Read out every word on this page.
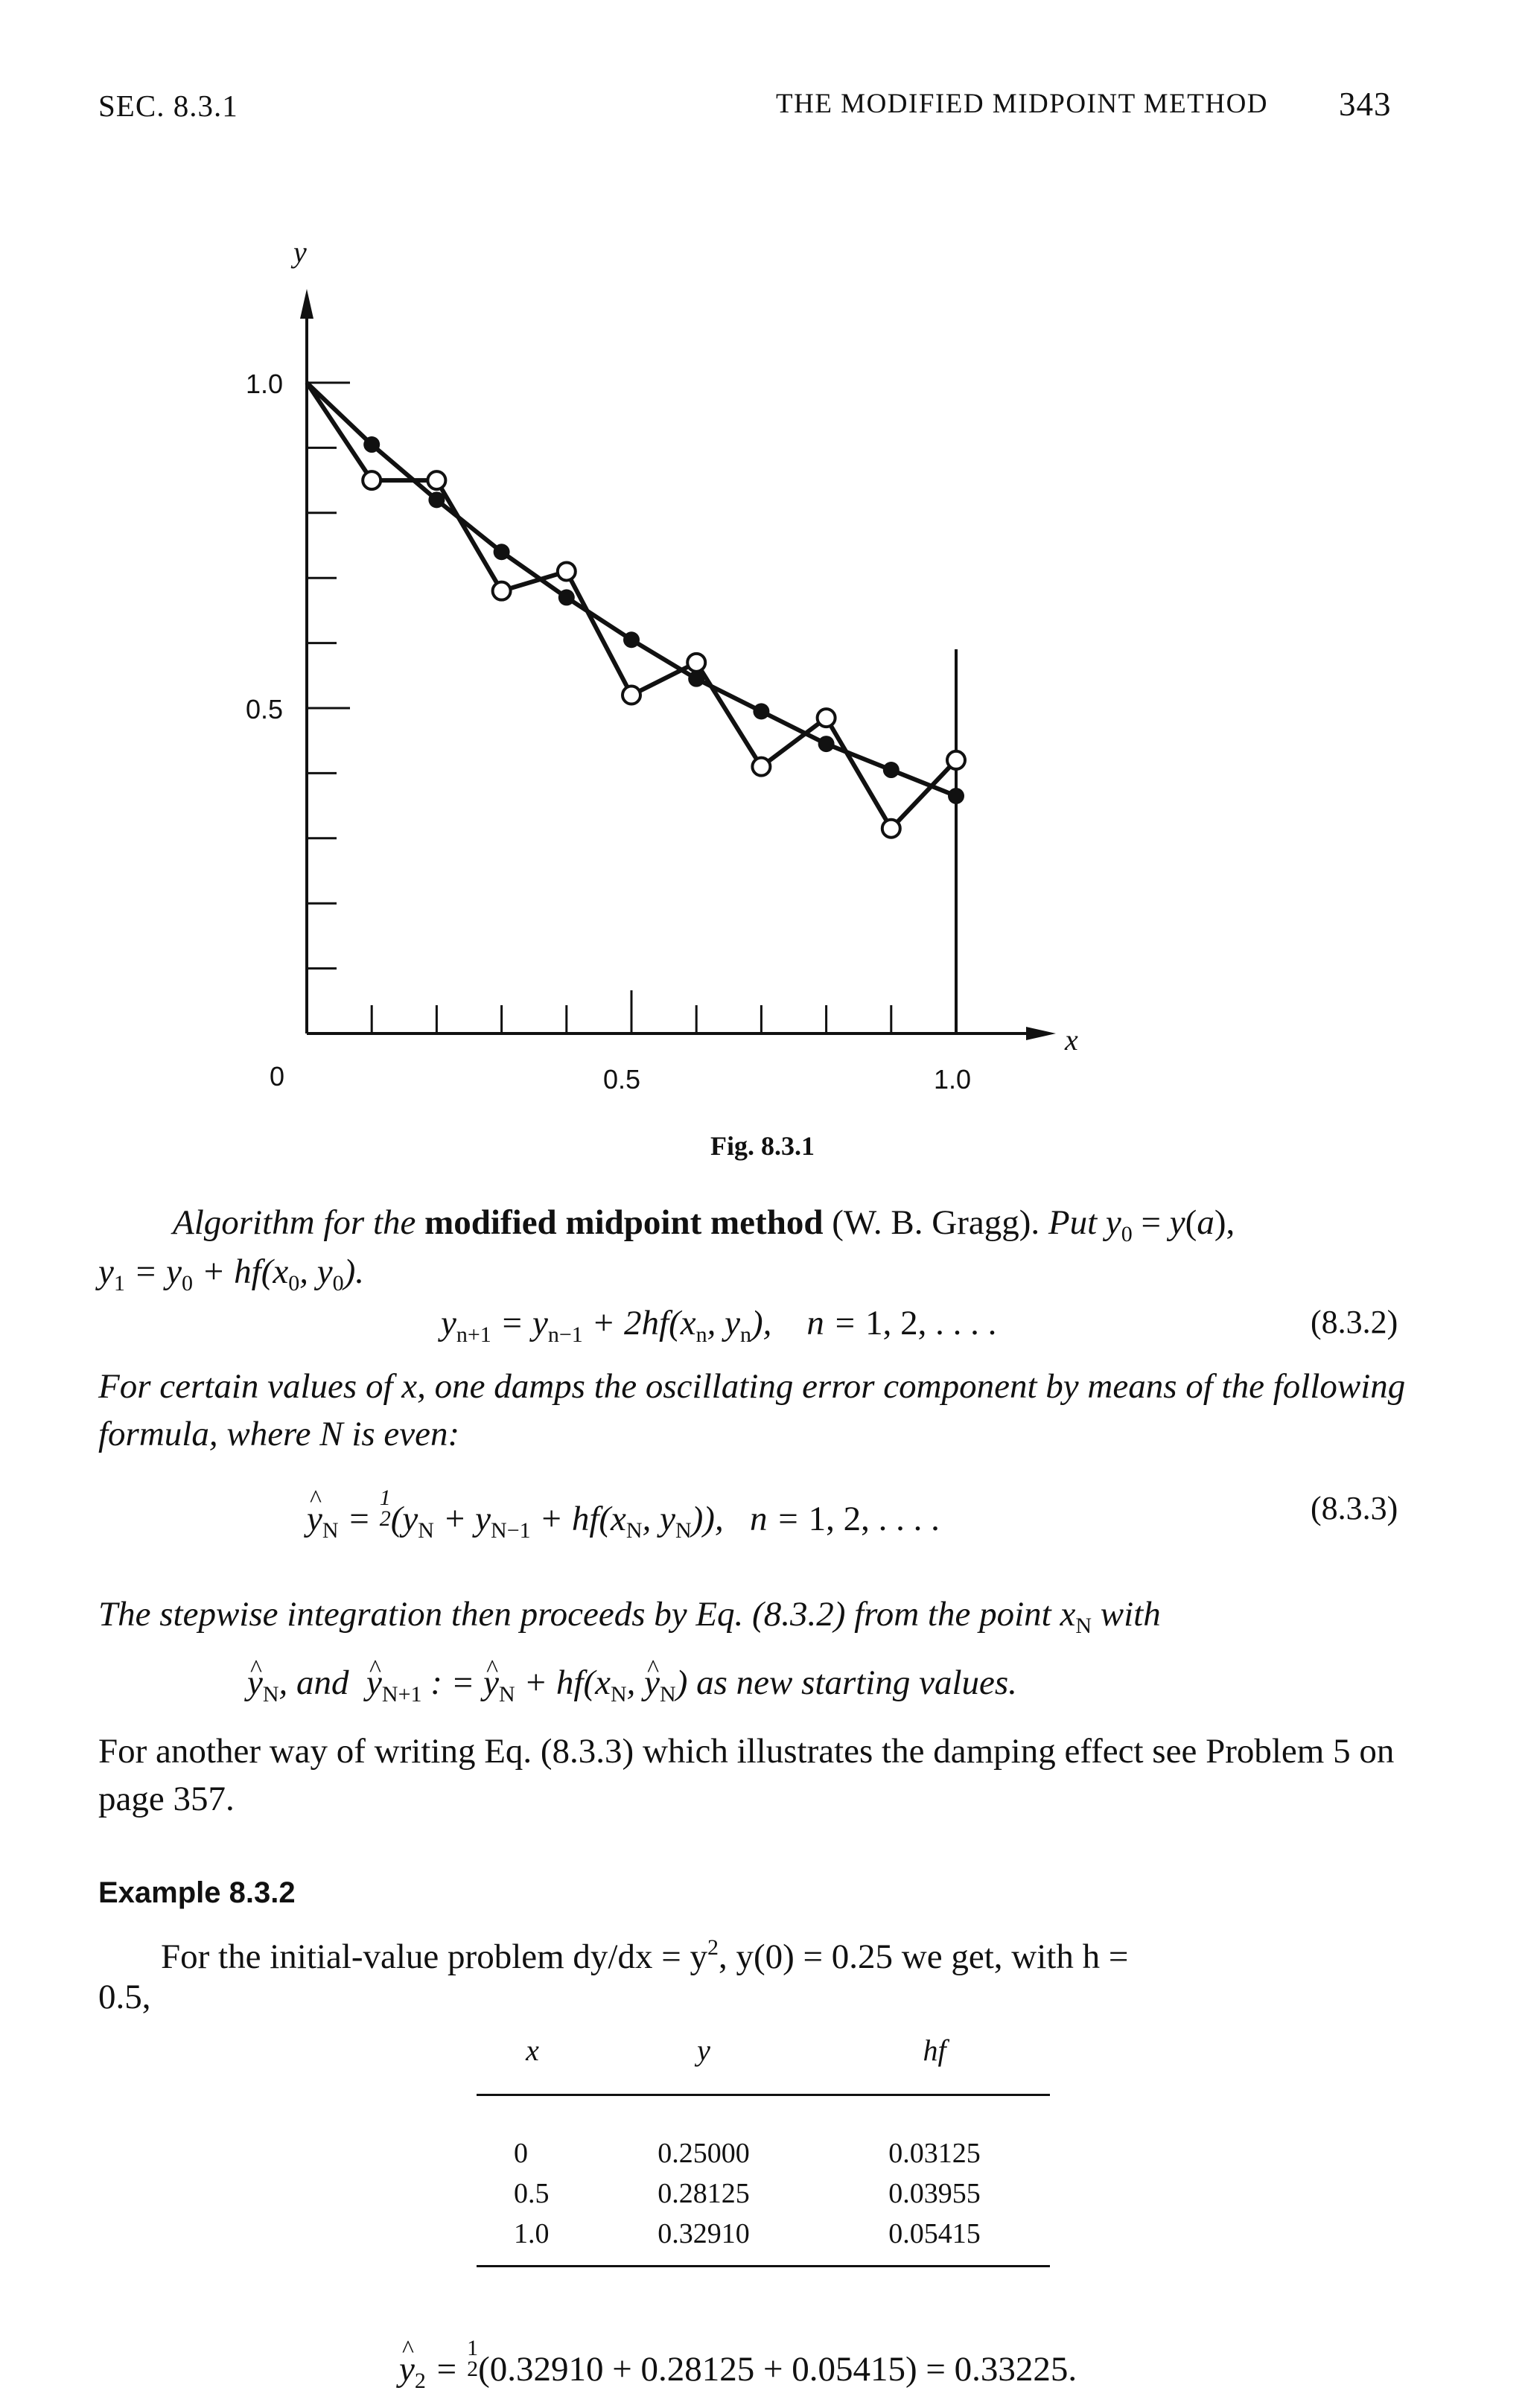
SEC. 8.3.1	THE MODIFIED MIDPOINT METHOD 343
y
x
1.0
0.5
0	0.5	1.0
Fig. 8.3.1
Algorithm for the modified midpoint method (W. B. Gragg). Put $y_0 = y(a)$,
$y_1 = y_0 + hf(x_0$, $y_0$).
$y_{n+1} = y_{n-1} + 2hf(x_n$, $y_n$),    n = 1, 2, . . . .	(8.3.2)
For certain values of x, one damps the oscillating error component by means of the following formula, where N is even:
^ $y_N = 1$
$2(y_N + y_{N-1} + hf(x_N$, $y_N$)),   n = 1, 2, . . . .	(8.3.3)
The stepwise integration then proceeds by Eq. (8.3.2) from the point $x_N$ with
^ $y_N$, and  ^ $y_{N+1}$ : = ^ $y_N + hf(x_N$, ^ $y_N$) as new starting values.
For another way of writing Eq. (8.3.3) which illustrates the damping effect see Problem 5 on page 357.
Example 8.3.2
For the initial-value problem $dy/dx = y^2$, y(0) = 0.25 we get, with h =
0.5,
x	y	hf

0	0.25000	0.03125
0.5	0.28125	0.03955
1.0	0.32910	0.05415
^ $y_2 = 1$
2(0.32910 + 0.28125 + 0.05415) = 0.33225.
